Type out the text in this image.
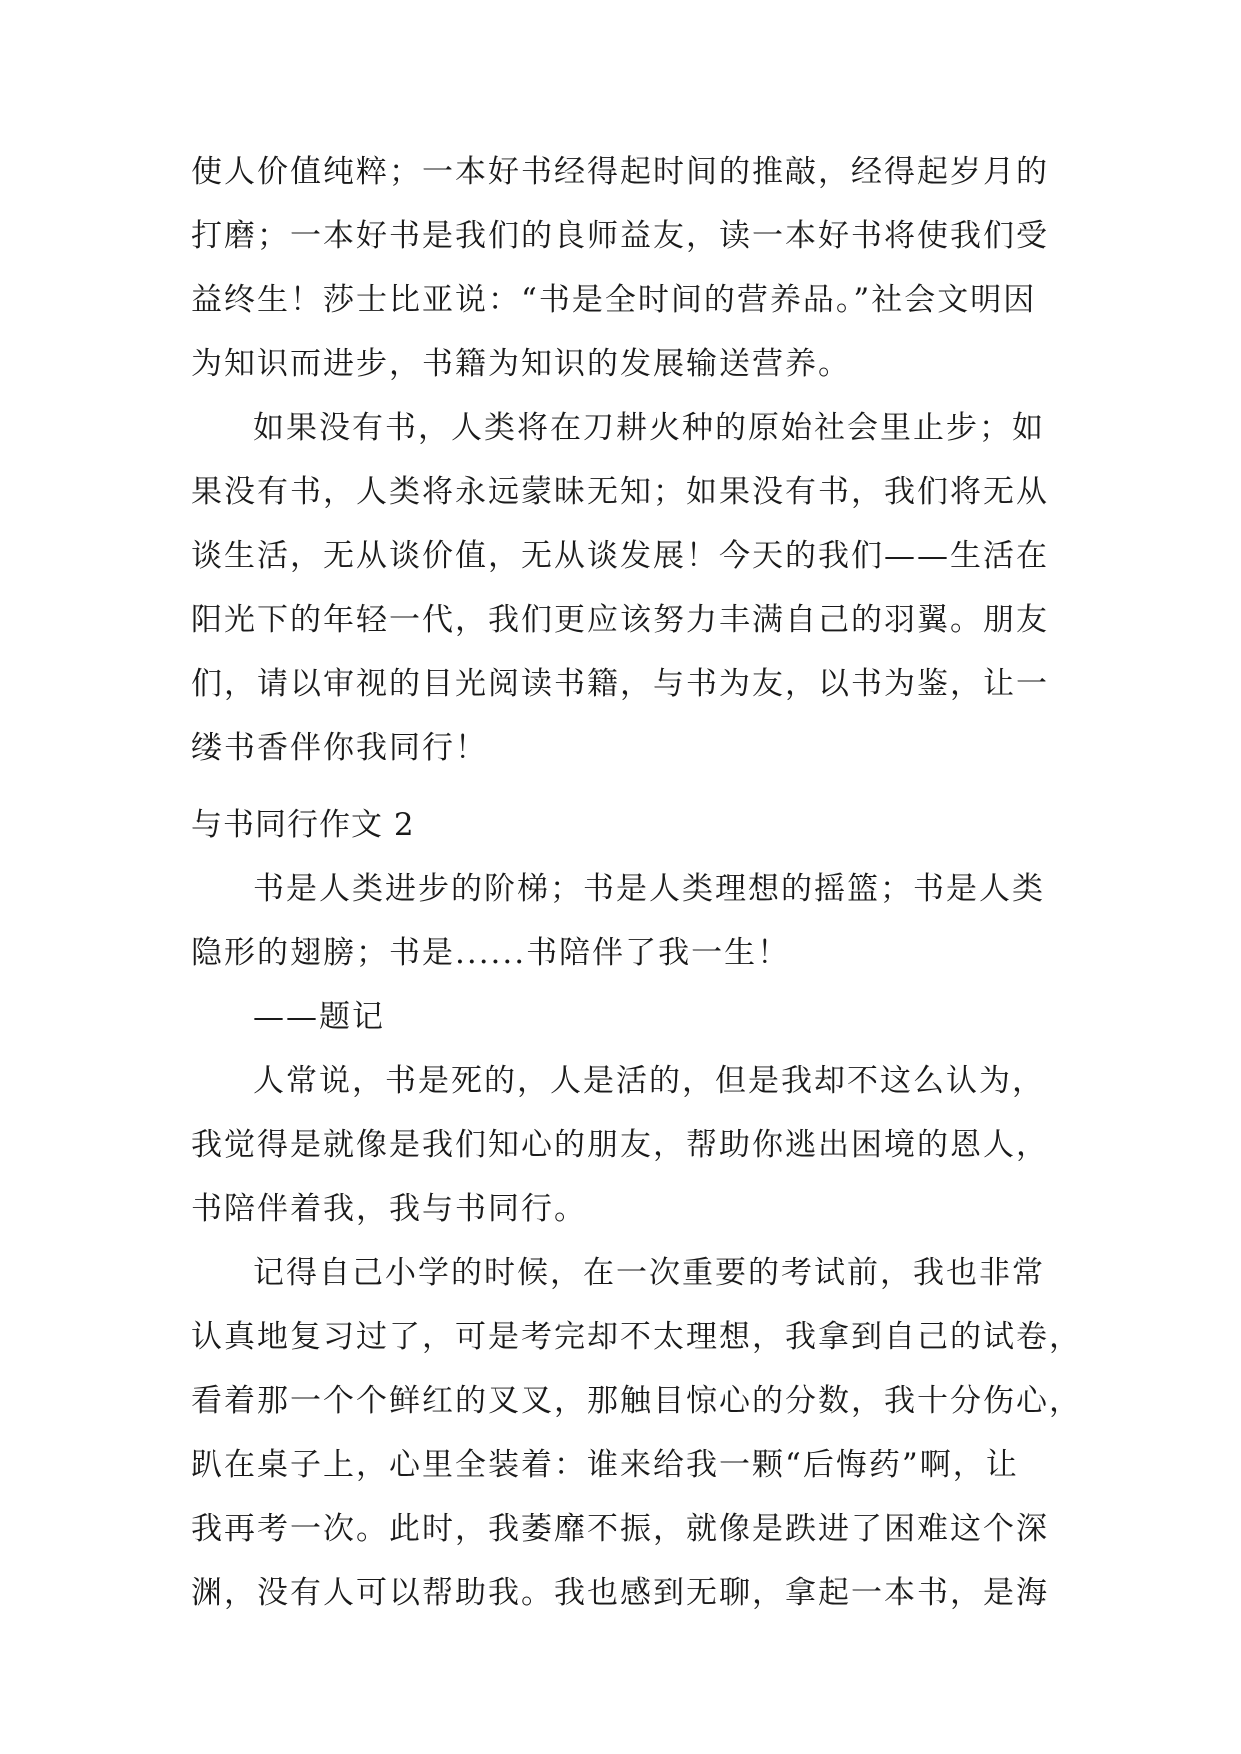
使人价值纯粹；一本好书经得起时间的推敲，经得起岁月的
打磨；一本好书是我们的良师益友，读一本好书将使我们受
益终生！莎士比亚说：“书是全时间的营养品。”社会文明因
为知识而进步，书籍为知识的发展输送营养。
如果没有书，人类将在刀耕火种的原始社会里止步；如
果没有书，人类将永远蒙昧无知；如果没有书，我们将无从
谈生活，无从谈价值，无从谈发展！今天的我们——生活在
阳光下的年轻一代，我们更应该努力丰满自己的羽翼。朋友
们，请以审视的目光阅读书籍，与书为友，以书为鉴，让一
缕书香伴你我同行！
与书同行作文 2
书是人类进步的阶梯；书是人类理想的摇篮；书是人类
隐形的翅膀；书是......书陪伴了我一生！
——题记
人常说，书是死的，人是活的，但是我却不这么认为，
我觉得是就像是我们知心的朋友，帮助你逃出困境的恩人，
书陪伴着我，我与书同行。
记得自己小学的时候，在一次重要的考试前，我也非常
认真地复习过了，可是考完却不太理想，我拿到自己的试卷，
看着那一个个鲜红的叉叉，那触目惊心的分数，我十分伤心，
趴在桌子上，心里全装着：谁来给我一颗“后悔药”啊，让
我再考一次。此时，我萎靡不振，就像是跌进了困难这个深
渊，没有人可以帮助我。我也感到无聊，拿起一本书，是海
